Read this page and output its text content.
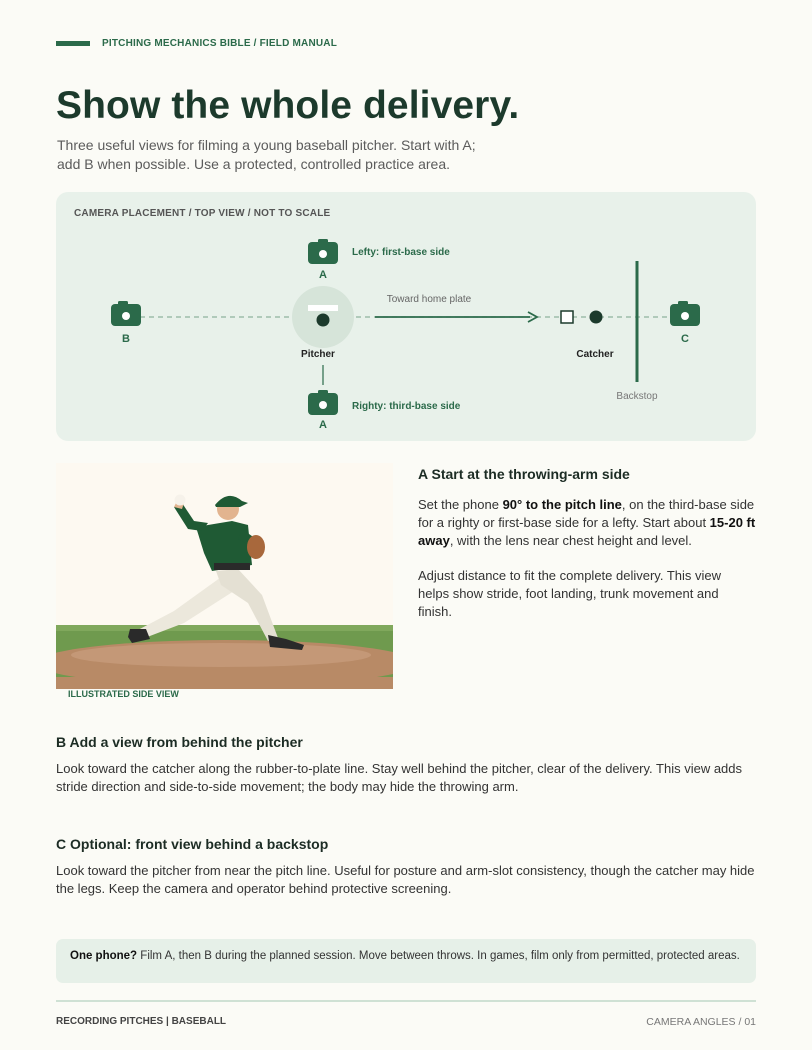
PITCHING MECHANICS BIBLE / FIELD MANUAL
Show the whole delivery.
Three useful views for filming a young baseball pitcher. Start with A;
add B when possible. Use a protected, controlled practice area.
CAMERA PLACEMENT / TOP VIEW / NOT TO SCALE
Pitcher
Toward home plate
Catcher
Backstop
B	C
A
Lefty: first-base side
A
Righty: third-base side
ILLUSTRATED SIDE VIEW
A Start at the throwing-arm side
Set the phone 90° to the pitch line, on the third-base side for a righty or first-base side for a lefty. Start about 15-20 ft away, with the lens near chest height and level.
Adjust distance to fit the complete delivery. This view helps show stride, foot landing, trunk movement and finish.
B Add a view from behind the pitcher
Look toward the catcher along the rubber-to-plate line. Stay well behind the pitcher, clear of the delivery. This view adds stride direction and side-to-side movement; the body may hide the throwing arm.
C Optional: front view behind a backstop
Look toward the pitcher from near the pitch line. Useful for posture and arm-slot consistency, though the catcher may hide the legs. Keep the camera and operator behind protective screening.
One phone? Film A, then B during the planned session. Move between throws. In games, film only from permitted, protected areas.
RECORDING PITCHES | BASEBALL	CAMERA ANGLES / 01
